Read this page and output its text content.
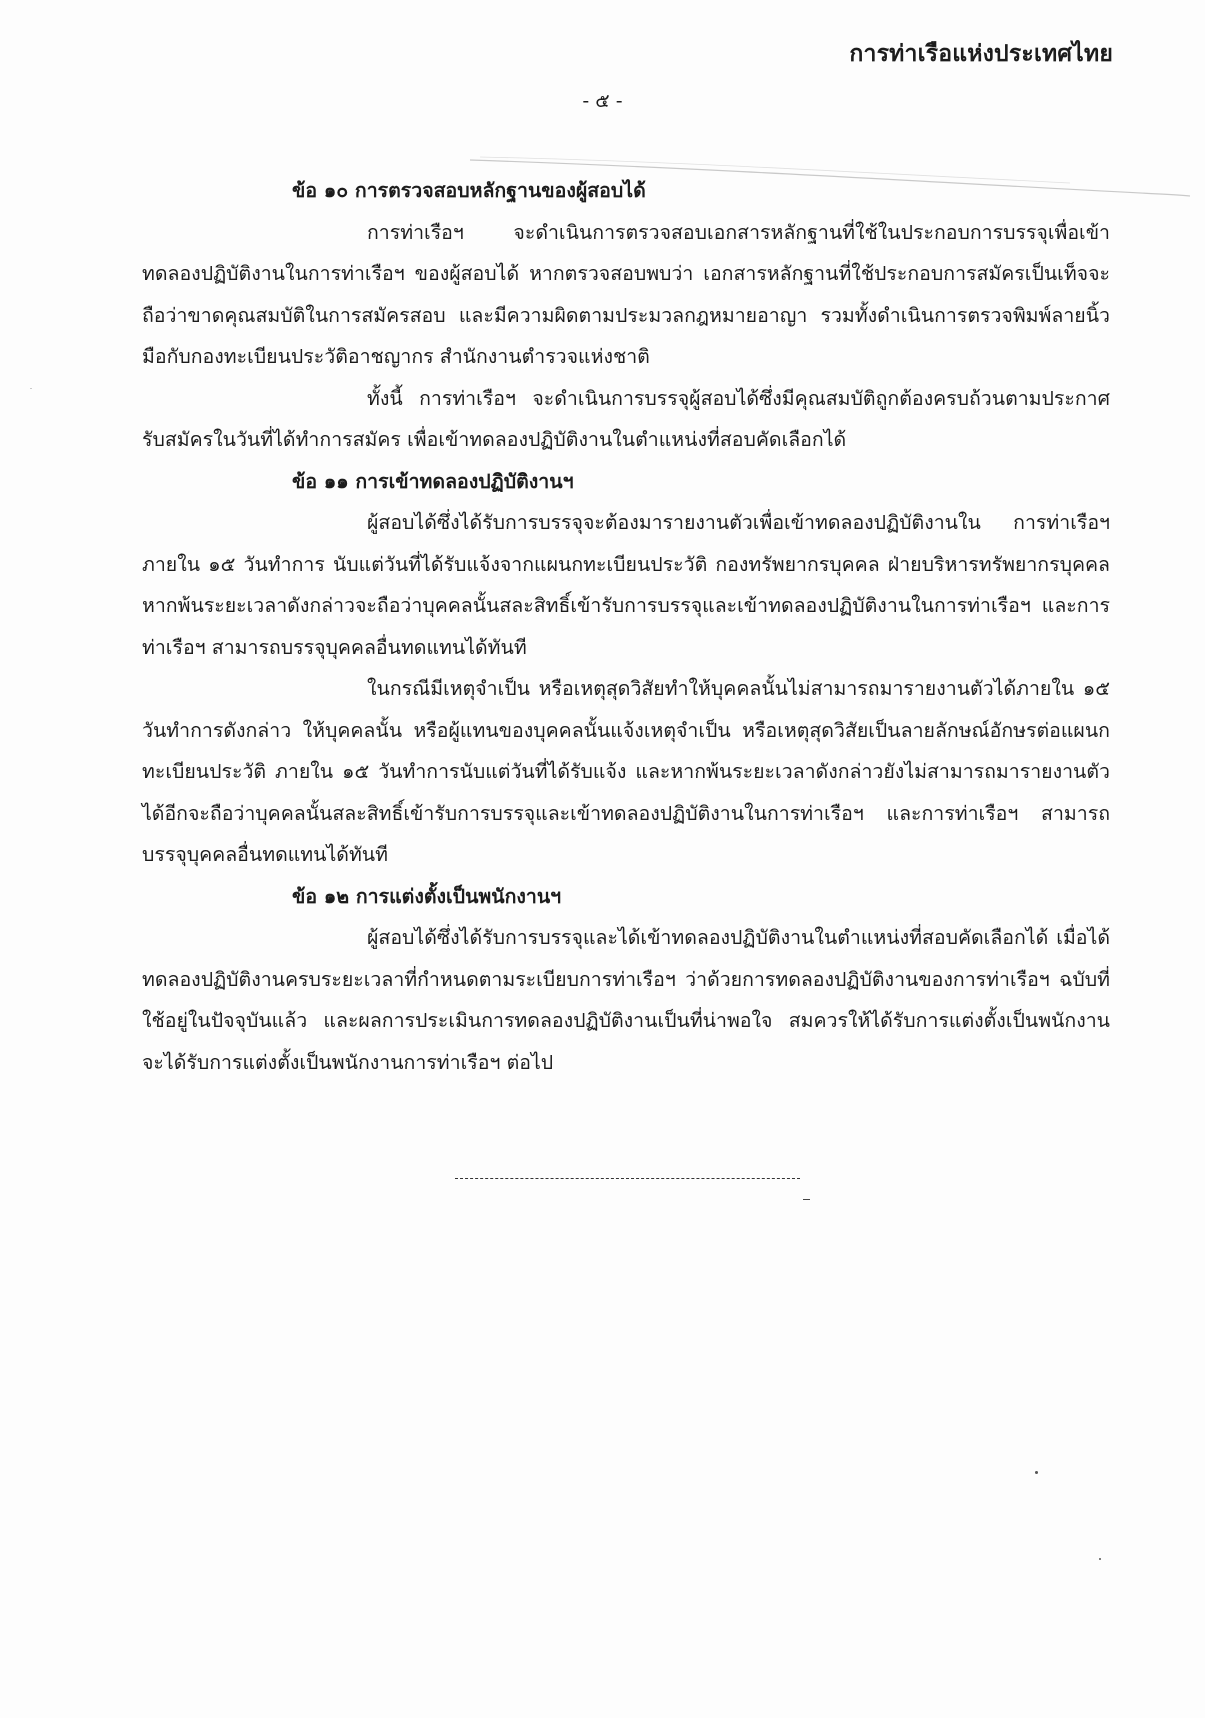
การท่าเรือแห่งประเทศไทย
- ๕ -

ข้อ ๑๐ การตรวจสอบหลักฐานของผู้สอบได้

การท่าเรือฯ จะดำเนินการตรวจสอบเอกสารหลักฐานที่ใช้ในประกอบการบรรจุเพื่อเข้าทดลองปฏิบัติงานในการท่าเรือฯ ของผู้สอบได้ หากตรวจสอบพบว่า เอกสารหลักฐานที่ใช้ประกอบการสมัครเป็นเท็จจะถือว่าขาดคุณสมบัติในการสมัครสอบ และมีความผิดตามประมวลกฎหมายอาญา รวมทั้งดำเนินการตรวจพิมพ์ลายนิ้วมือกับกองทะเบียนประวัติอาชญากร สำนักงานตำรวจแห่งชาติ

ทั้งนี้ การท่าเรือฯ จะดำเนินการบรรจุผู้สอบได้ซึ่งมีคุณสมบัติถูกต้องครบถ้วนตามประกาศรับสมัครในวันที่ได้ทำการสมัคร เพื่อเข้าทดลองปฏิบัติงานในตำแหน่งที่สอบคัดเลือกได้

ข้อ ๑๑ การเข้าทดลองปฏิบัติงานฯ

ผู้สอบได้ซึ่งได้รับการบรรจุจะต้องมารายงานตัวเพื่อเข้าทดลองปฏิบัติงานใน การท่าเรือฯ ภายใน ๑๕ วันทำการ นับแต่วันที่ได้รับแจ้งจากแผนกทะเบียนประวัติ กองทรัพยากรบุคคล ฝ่ายบริหารทรัพยากรบุคคล หากพ้นระยะเวลาดังกล่าวจะถือว่าบุคคลนั้นสละสิทธิ์เข้ารับการบรรจุและเข้าทดลองปฏิบัติงานในการท่าเรือฯ และการท่าเรือฯ สามารถบรรจุบุคคลอื่นทดแทนได้ทันที

ในกรณีมีเหตุจำเป็น หรือเหตุสุดวิสัยทำให้บุคคลนั้นไม่สามารถมารายงานตัวได้ภายใน ๑๕ วันทำการดังกล่าว ให้บุคคลนั้น หรือผู้แทนของบุคคลนั้นแจ้งเหตุจำเป็น หรือเหตุสุดวิสัยเป็นลายลักษณ์อักษรต่อแผนกทะเบียนประวัติ ภายใน ๑๕ วันทำการนับแต่วันที่ได้รับแจ้ง และหากพ้นระยะเวลาดังกล่าวยังไม่สามารถมารายงานตัวได้อีกจะถือว่าบุคคลนั้นสละสิทธิ์เข้ารับการบรรจุและเข้าทดลองปฏิบัติงานในการท่าเรือฯ และการท่าเรือฯ สามารถบรรจุบุคคลอื่นทดแทนได้ทันที

ข้อ ๑๒ การแต่งตั้งเป็นพนักงานฯ

ผู้สอบได้ซึ่งได้รับการบรรจุและได้เข้าทดลองปฏิบัติงานในตำแหน่งที่สอบคัดเลือกได้ เมื่อได้ทดลองปฏิบัติงานครบระยะเวลาที่กำหนดตามระเบียบการท่าเรือฯ ว่าด้วยการทดลองปฏิบัติงานของการท่าเรือฯ ฉบับที่ใช้อยู่ในปัจจุบันแล้ว และผลการประเมินการทดลองปฏิบัติงานเป็นที่น่าพอใจ สมควรให้ได้รับการแต่งตั้งเป็นพนักงาน จะได้รับการแต่งตั้งเป็นพนักงานการท่าเรือฯ ต่อไป
